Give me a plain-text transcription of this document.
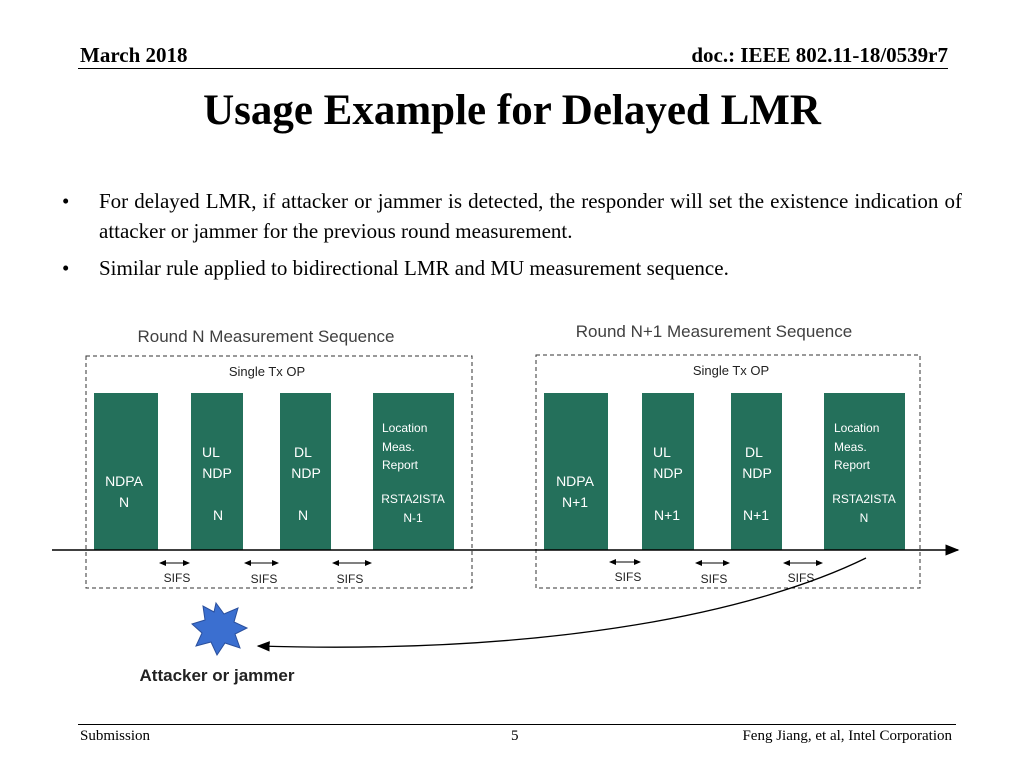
March 2018	doc.: IEEE 802.11-18/0539r7
Usage Example for Delayed LMR
• For delayed LMR, if attacker or jammer is detected, the responder will set the existence indication of attacker or jammer for the previous round measurement.
• Similar rule applied to bidirectional LMR and MU measurement sequence.
Round N Measurement Sequence
Single Tx OP
NDPA
N
UL
NDP
N
DL
NDP
N
Location
Meas.
Report
RSTA2ISTA
N-1
SIFS	SIFS	SIFS
Round N+1 Measurement Sequence
Single Tx OP
NDPA
N+1
UL
NDP
N+1
DL
NDP
N+1
Location
Meas.
Report
RSTA2ISTA
N
SIFS	SIFS	SIFS
Attacker or jammer
Submission	5	Feng Jiang, et al, Intel Corporation
